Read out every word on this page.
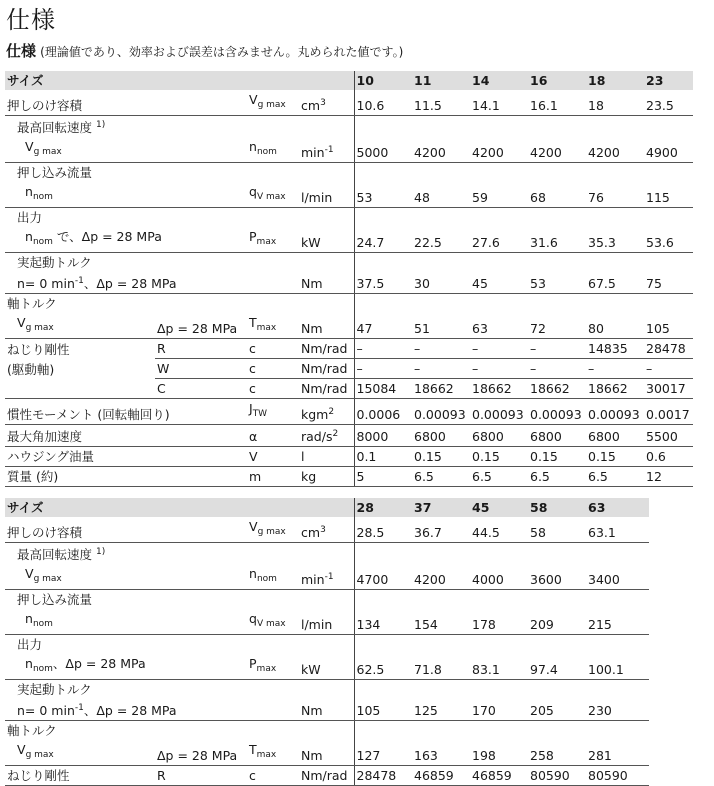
仕様
仕様 (理論値であり、効率および誤差は含みません。丸められた値です。)
サイズ				10	11	14	16	18	23
押しのけ容積		$V_{g max}$	$cm^3$	10.6	11.5	14.1	16.1	18	23.5
最高回転速度 $^{1)}$									
$V_{g max}$		$n_{nom}$	$\min^{-1}$	5000	4200	4200	4200	4200	4900
押し込み流量									
$n_{nom}$		$q_{V max}$	l/min	53	48	59	68	76	115
出力									
$n_{nom}$ で、Δp = 28 MPa		$P_{max}$	kW	24.7	22.5	27.6	31.6	35.3	53.6
実起動トルク									
n= 0 $\min^{-1}$、Δp = 28 MPa			Nm	37.5	30	45	53	67.5	75
軸トルク									
$V_{g max}$	Δp = 28 MPa	$T_{max}$	Nm	47	51	63	72	80	105
ねじり剛性	R	c	Nm/rad	–	–	–	–	14835	28478
(駆動軸)	W	c	Nm/rad	–	–	–	–	–	–
	C	c	Nm/rad	15084	18662	18662	18662	18662	30017
慣性モーメント (回転軸回り)		$J_{TW}$	kgm$^2$	0.0006	0.00093	0.00093	0.00093	0.00093	0.0017
最大角加速度		α	rad/$s^2$	8000	6800	6800	6800	6800	5500
ハウジング油量		V	l	0.1	0.15	0.15	0.15	0.15	0.6
質量 (約)		m	kg	5	6.5	6.5	6.5	6.5	12
サイズ				28	37	45	58	63
押しのけ容積		$V_{g max}$	$cm^3$	28.5	36.7	44.5	58	63.1
最高回転速度 $^{1)}$								
$V_{g max}$		$n_{nom}$	$\min^{-1}$	4700	4200	4000	3600	3400
押し込み流量								
$n_{nom}$		$q_{V max}$	l/min	134	154	178	209	215
出力								
$n_{nom}$、Δp = 28 MPa		$P_{max}$	kW	62.5	71.8	83.1	97.4	100.1
実起動トルク								
n= 0 $\min^{-1}$、Δp = 28 MPa			Nm	105	125	170	205	230
軸トルク								
$V_{g max}$	Δp = 28 MPa	$T_{max}$	Nm	127	163	198	258	281
ねじり剛性	R	c	Nm/rad	28478	46859	46859	80590	80590
